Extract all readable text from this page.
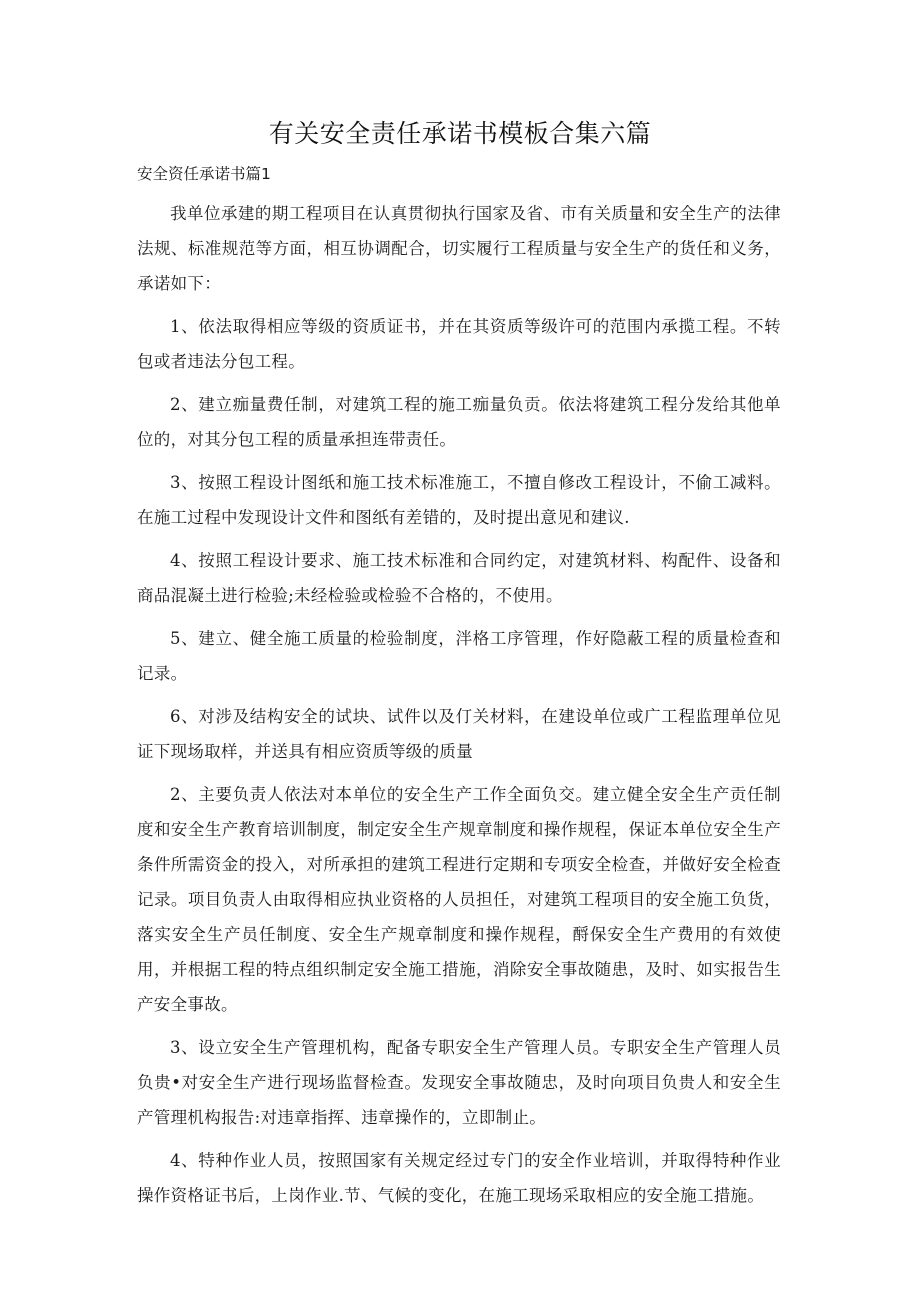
有关安全责任承诺书模板合集六篇
安全资任承诺书篇1

我单位承建的期工程项目在认真贯彻执行国家及省、市有关质量和安全生产的法律法规、标准规范等方面，相互协调配合，切实履行工程质量与安全生产的货任和义务，承诺如下：

1、依法取得相应等级的资质证书，并在其资质等级许可的范围内承揽工程。不转包或者违法分包工程。

2、建立痂量费任制，对建筑工程的施工痂量负贡。依法将建筑工程分发给其他单位的，对其分包工程的质量承担连带责任。

3、按照工程设计图纸和施工技术标准施工，不擅自修改工程设计，不偷工减料。在施工过程中发现设计文件和图纸有差错的，及时提出意见和建议.

4、按照工程设计要求、施工技术标准和合同约定，对建筑材料、构配件、设备和商品混凝土进行检验;未经检验或检验不合格的，不使用。

5、建立、健全施工质量的检验制度，泮格工序管理，作好隐蔽工程的质量检查和记录。

6、对涉及结构安全的试块、试件以及仃关材料，在建设单位或广工程监理单位见证下现场取样，并送具有相应资质等级的质量

2、主要负责人依法对本单位的安全生产工作全面负交。建立健全安全生产贡任制度和安全生产教育培训制度，制定安全生产规章制度和操作规程，保证本单位安全生产条件所需资金的投入，对所承担的建筑工程进行定期和专项安全检查，并做好安全检查记录。项目负责人由取得相应执业资格的人员担任，对建筑工程项目的安全施工负货，落实安全生产员任制度、安全生产规章制度和操作规程，酹保安全生产费用的有效使用，并根据工程的特点组织制定安全施工措施，消除安全事故随患，及时、如实报告生产安全事故。

3、设立安全生产管理机构，配备专职安全生产管理人员。专职安全生产管理人员负贵•对安全生产进行现场监督检查。发现安全事故随忠，及时向项目负贵人和安全生产管理机构报告:对违章指挥、违章操作的，立即制止。

4、特种作业人员，按照国家有关规定经过专门的安全作业培训，并取得特种作业操作资格证书后，上岗作业.节、气候的变化，在施工现场采取相应的安全施工措施。
